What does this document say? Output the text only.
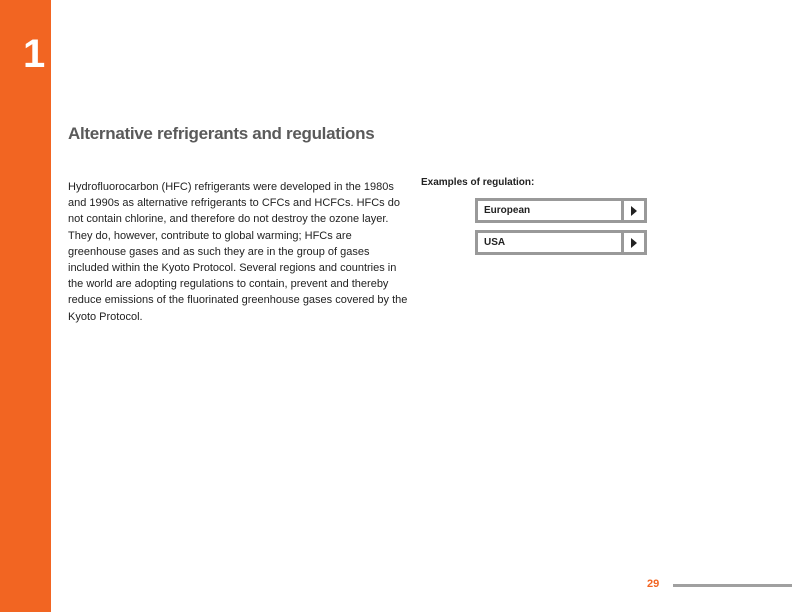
1
Environmental Impact
Alternative refrigerants and regulations
Hydrofluorocarbon (HFC) refrigerants were developed in the 1980s and 1990s as alternative refrigerants to CFCs and HCFCs. HFCs do not contain chlorine, and therefore do not destroy the ozone layer. They do, however, contribute to global warming; HFCs are greenhouse gases and as such they are in the group of gases included within the Kyoto Protocol. Several regions and countries in the world are adopting regulations to contain, prevent and thereby reduce emissions of the fluorinated greenhouse gases covered by the Kyoto Protocol.
Examples of regulation:
European
USA
29
